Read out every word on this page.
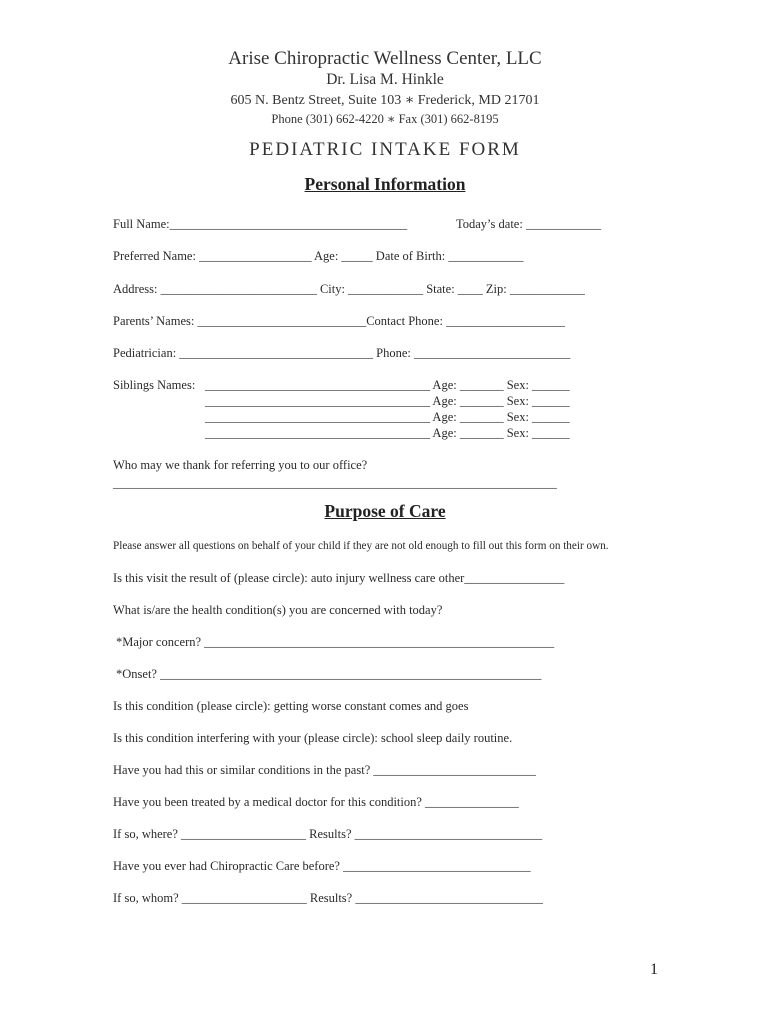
Arise Chiropractic Wellness Center, LLC
Dr. Lisa M. Hinkle
605 N. Bentz Street, Suite 103 ∗ Frederick, MD 21701
Phone (301) 662-4220 ∗ Fax (301) 662-8195
PEDIATRIC INTAKE FORM
Personal Information
Full Name:______________________________________	Today’s date: ____________
Preferred Name: __________________ Age: _____ Date of Birth: ____________
Address: _________________________ City: ____________ State: ____ Zip: ____________
Parents’ Names: ___________________________Contact Phone: ___________________
Pediatrician: _______________________________ Phone: _________________________
Siblings Names: ____________________________________ Age: _______ Sex: ______
____________________________________ Age: _______ Sex: ______
____________________________________ Age: _______ Sex: ______
____________________________________ Age: _______ Sex: ______
Who may we thank for referring you to our office?
_______________________________________________________________________
Purpose of Care
Please answer all questions on behalf of your child if they are not old enough to fill out this form on their own.
Is this visit the result of (please circle): auto injury wellness care other________________
What is/are the health condition(s) you are concerned with today?
*Major concern? ________________________________________________________
*Onset? _____________________________________________________________
Is this condition (please circle): getting worse constant comes and goes
Is this condition interfering with your (please circle): school sleep daily routine.
Have you had this or similar conditions in the past? __________________________
Have you been treated by a medical doctor for this condition? _______________
If so, where? ____________________ Results? ______________________________
Have you ever had Chiropractic Care before? ______________________________
If so, whom? ____________________ Results? ______________________________
1
